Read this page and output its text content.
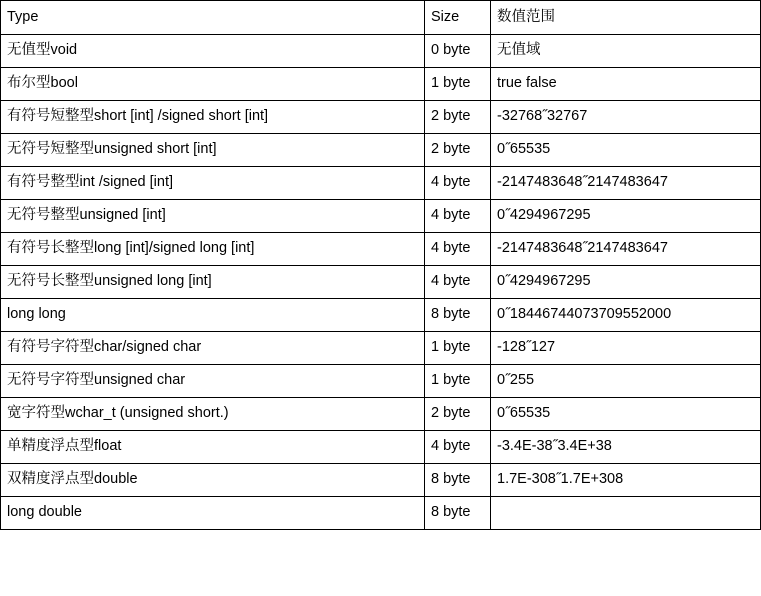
Type	Size	数值范围
无值型void	0 byte	无值域
布尔型bool	1 byte	true false
有符号短整型short [int] /signed short [int]	2 byte	-32768˝32767
无符号短整型unsigned short [int]	2 byte	0˝65535
有符号整型int /signed [int]	4 byte	-2147483648˝2147483647
无符号整型unsigned [int]	4 byte	0˝4294967295
有符号长整型long [int]/signed long [int]	4 byte	-2147483648˝2147483647
无符号长整型unsigned long [int]	4 byte	0˝4294967295
long long	8 byte	0˝18446744073709552000
有符号字符型char/signed char	1 byte	-128˝127
无符号字符型unsigned char	1 byte	0˝255
宽字符型wchar_t (unsigned short.)	2 byte	0˝65535
单精度浮点型float	4 byte	-3.4E-38˝3.4E+38
双精度浮点型double	8 byte	1.7E-308˝1.7E+308
long double	8 byte	
